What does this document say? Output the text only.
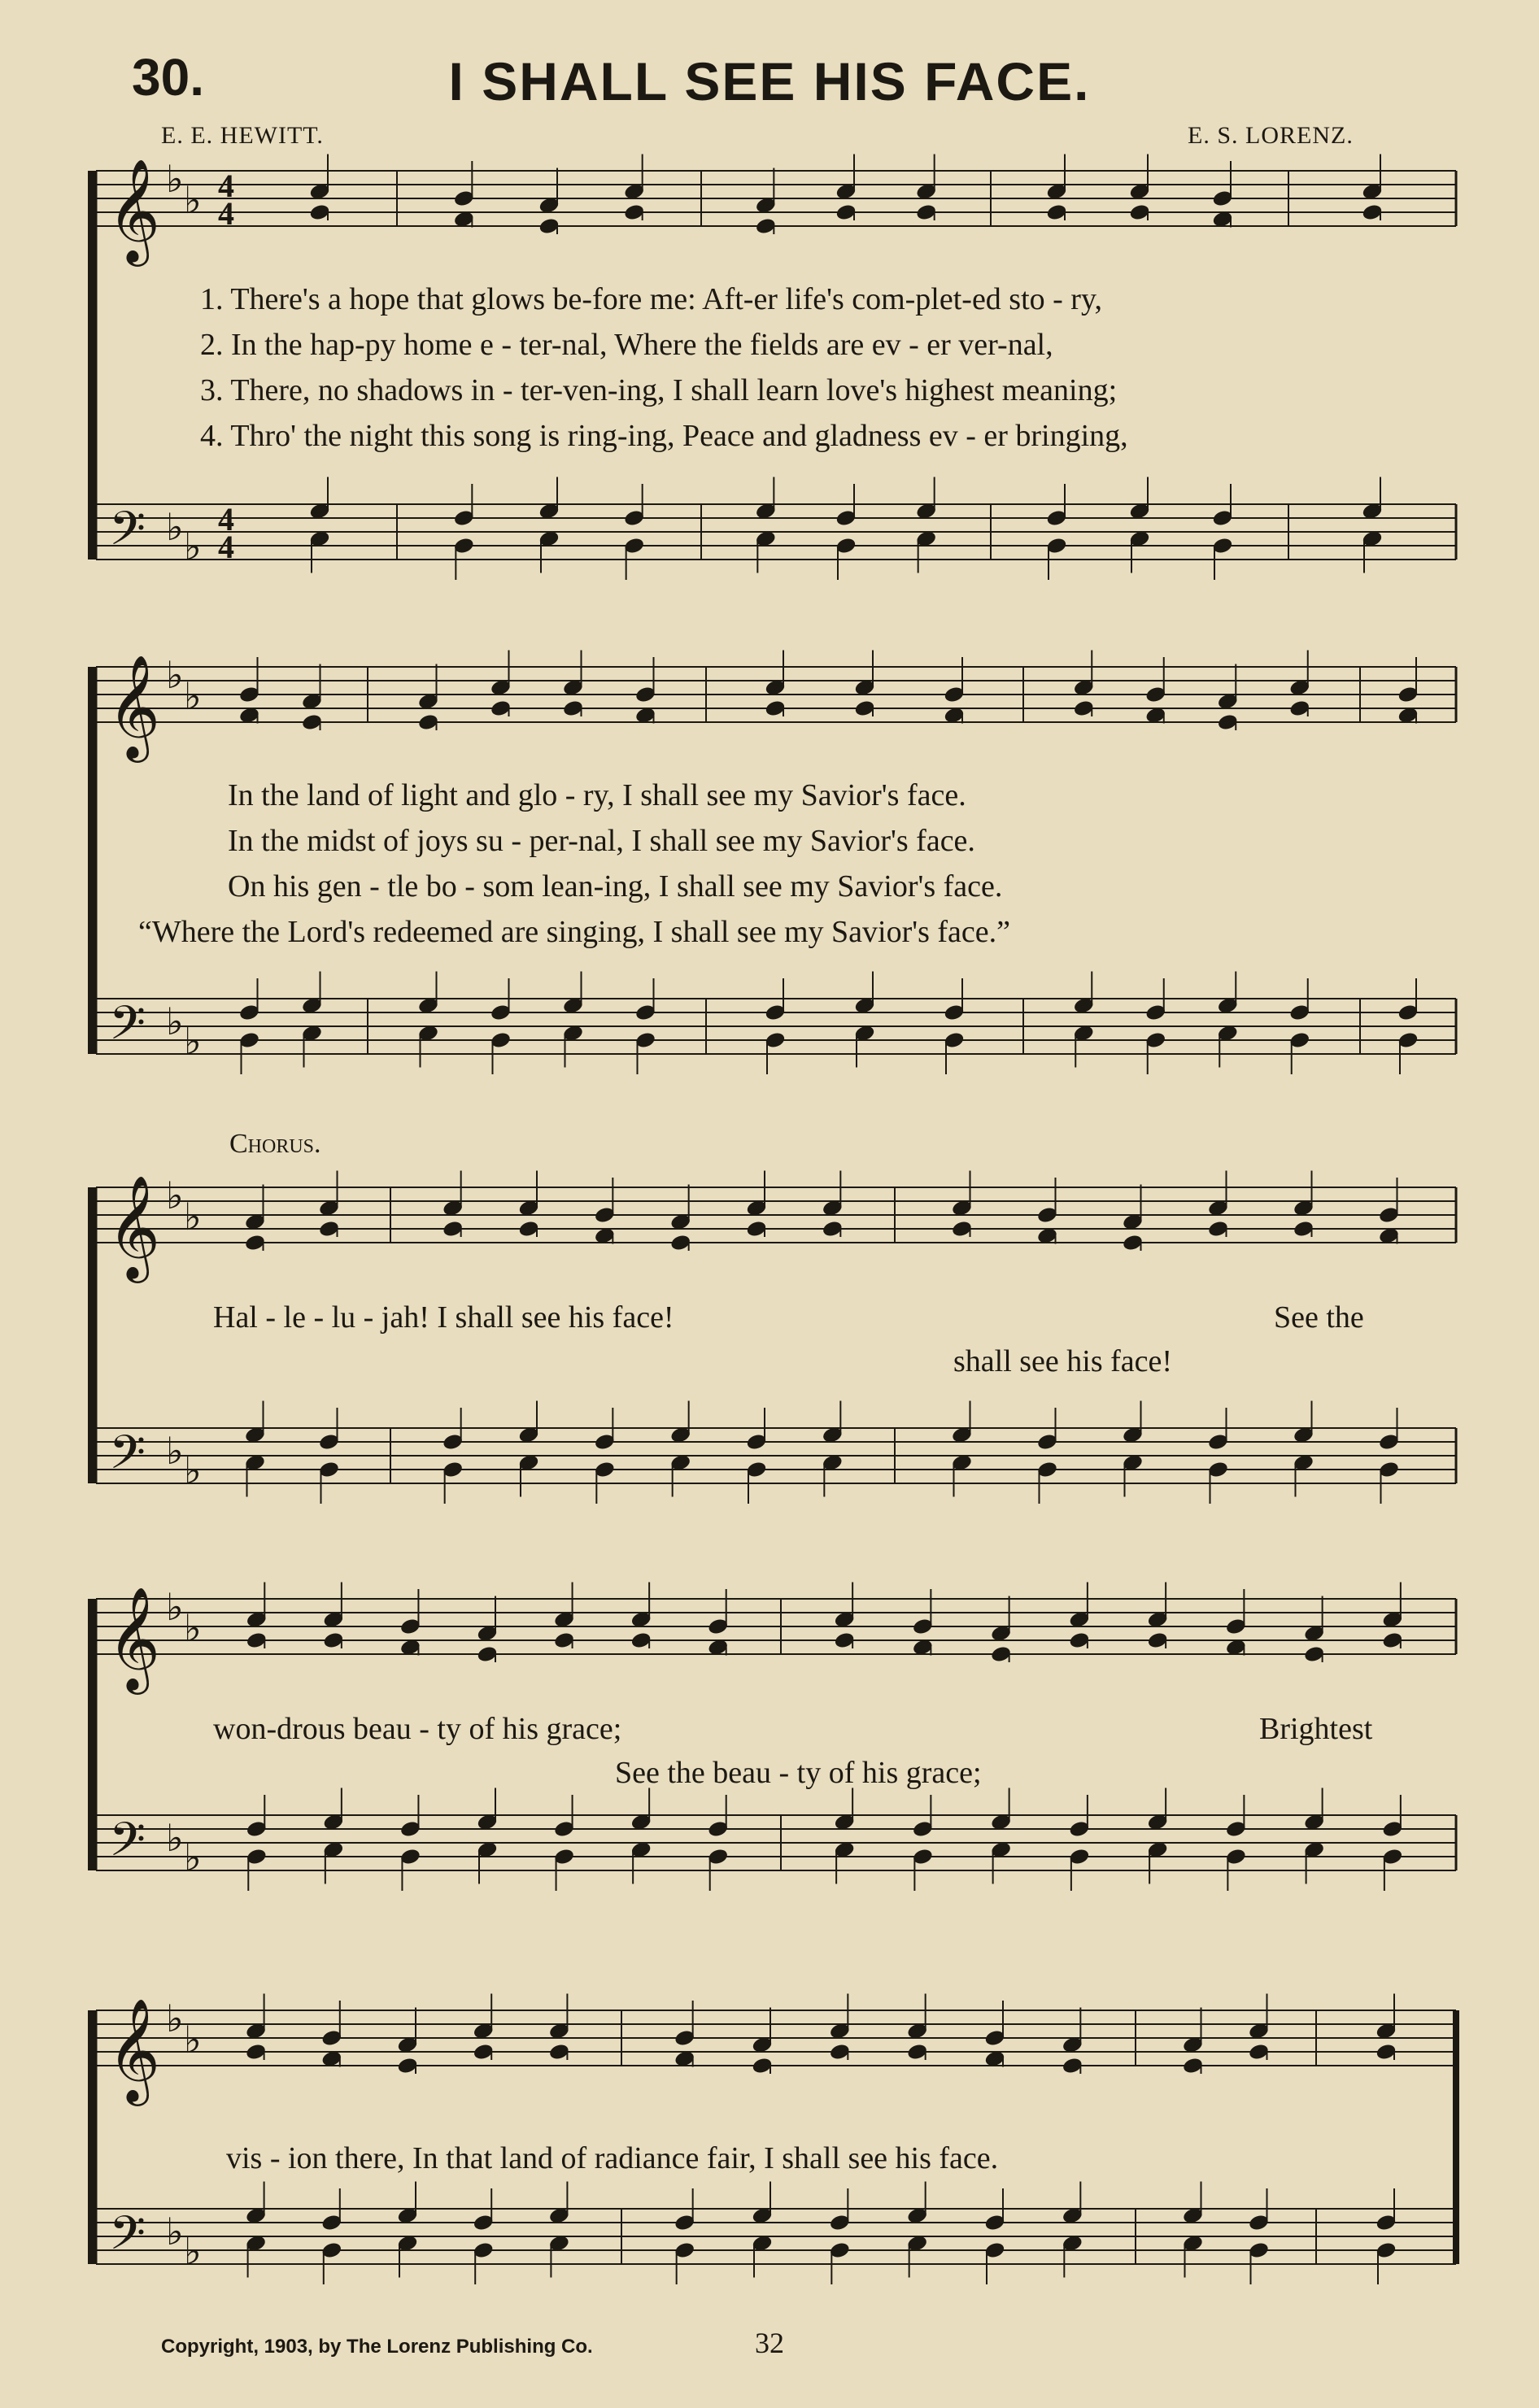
𝄞
𝄢
♭ ♭
♭ ♭
4
4
4
4
𝄞
𝄢
♭ ♭
♭ ♭
𝄞
𝄢
♭ ♭
♭ ♭
𝄞
𝄢
♭ ♭
♭ ♭
𝄞
𝄢
♭ ♭
♭ ♭
30.	I SHALL SEE HIS FACE.
E. E. HEWITT.	E. S. LORENZ.
1. There's a hope that glows be-fore me: Aft-er life's com-plet-ed sto - ry,
2. In the hap-py home e - ter-nal, Where the fields are ev - er ver-nal,
3. There, no shadows in - ter-ven-ing, I shall learn love's highest meaning;
4. Thro' the night this song is ring-ing, Peace and gladness ev - er bringing,
In the land of light and glo - ry, I shall see my Savior's face.
In the midst of joys su - per-nal, I shall see my Savior's face.
On his gen - tle bo - som lean-ing, I shall see my Savior's face.
“Where the Lord's redeemed are singing, I shall see my Savior's face.”
Chorus.
Hal - le - lu - jah! I shall see his face!	See the
shall see his face!
won-drous beau - ty of his grace;	Brightest
See the beau - ty of his grace;
vis - ion there, In that land of radiance fair, I shall see his face.
Copyright, 1903, by The Lorenz Publishing Co.	32
